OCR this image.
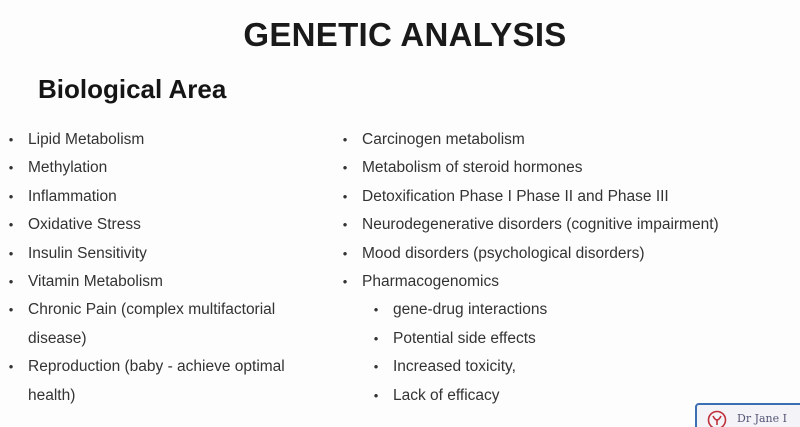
GENETIC ANALYSIS
Biological Area
• Lipid Metabolism
• Methylation
• Inflammation
• Oxidative Stress
• Insulin Sensitivity
• Vitamin Metabolism
• Chronic Pain (complex multifactorial disease)
• Reproduction (baby - achieve optimal health)
• Carcinogen metabolism
• Metabolism of steroid hormones
• Detoxification Phase I Phase II and Phase III
• Neurodegenerative disorders (cognitive impairment)
• Mood disorders (psychological disorders)
• Pharmacogenomics
• gene-drug interactions
• Potential side effects
• Increased toxicity,
• Lack of efficacy
Dr Jane I
